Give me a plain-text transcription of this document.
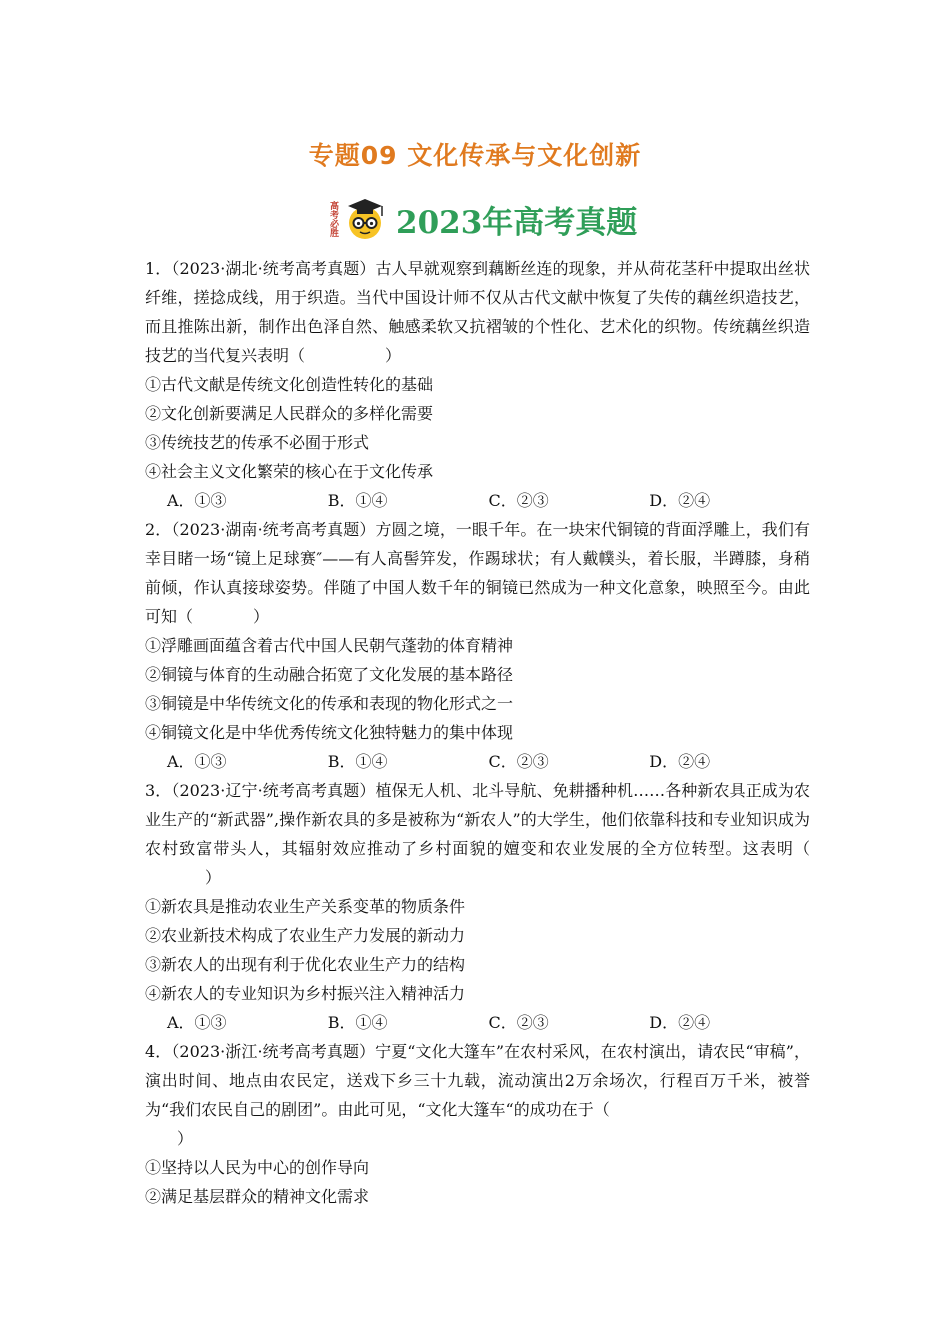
专题09 文化传承与文化创新
高考必胜 2023年高考真题

1．（2023·湖北·统考高考真题）古人早就观察到藕断丝连的现象，并从荷花茎秆中提取出丝状纤维，搓捻成线，用于织造。当代中国设计师不仅从古代文献中恢复了失传的藕丝织造技艺，而且推陈出新，制作出色泽自然、触感柔软又抗褶皱的个性化、艺术化的织物。传统藕丝织造技艺的当代复兴表明（	）

①古代文献是传统文化创造性转化的基础

②文化创新要满足人民群众的多样化需要

③传统技艺的传承不必囿于形式

④社会主义文化繁荣的核心在于文化传承

A．①③	B．①④	C．②③	D．②④

2．（2023·湖南·统考高考真题）方圆之境，一眼千年。在一块宋代铜镜的背面浮雕上，我们有幸目睹一场“镜上足球赛″——有人高髻笄发，作踢球状；有人戴幞头，着长服，半蹲膝，身稍前倾，作认真接球姿势。伴随了中国人数千年的铜镜已然成为一种文化意象，映照至今。由此可知（	）

①浮雕画面蕴含着古代中国人民朝气蓬勃的体育精神

②铜镜与体育的生动融合拓宽了文化发展的基本路径

③铜镜是中华传统文化的传承和表现的物化形式之一

④铜镜文化是中华优秀传统文化独特魅力的集中体现

A．①③	B．①④	C．②③	D．②④

3．（2023·辽宁·统考高考真题）植保无人机、北斗导航、免耕播种机……各种新农具正成为农业生产的“新武器”,操作新农具的多是被称为“新农人”的大学生，他们依靠科技和专业知识成为农村致富带头人，其辐射效应推动了乡村面貌的嬗变和农业发展的全方位转型。这表明（）

①新农具是推动农业生产关系变革的物质条件

②农业新技术构成了农业生产力发展的新动力

③新农人的出现有利于优化农业生产力的结构

④新农人的专业知识为乡村振兴注入精神活力

A．①③	B．①④	C．②③	D．②④

4．（2023·浙江·统考高考真题）宁夏“文化大篷车”在农村采风，在农村演出，请农民“审稿”，演出时间、地点由农民定，送戏下乡三十九载，流动演出2万余场次，行程百万千米，被誉为“我们农民自己的剧团”。由此可见，“文化大篷车“的成功在于（
）

①坚持以人民为中心的创作导向

②满足基层群众的精神文化需求
